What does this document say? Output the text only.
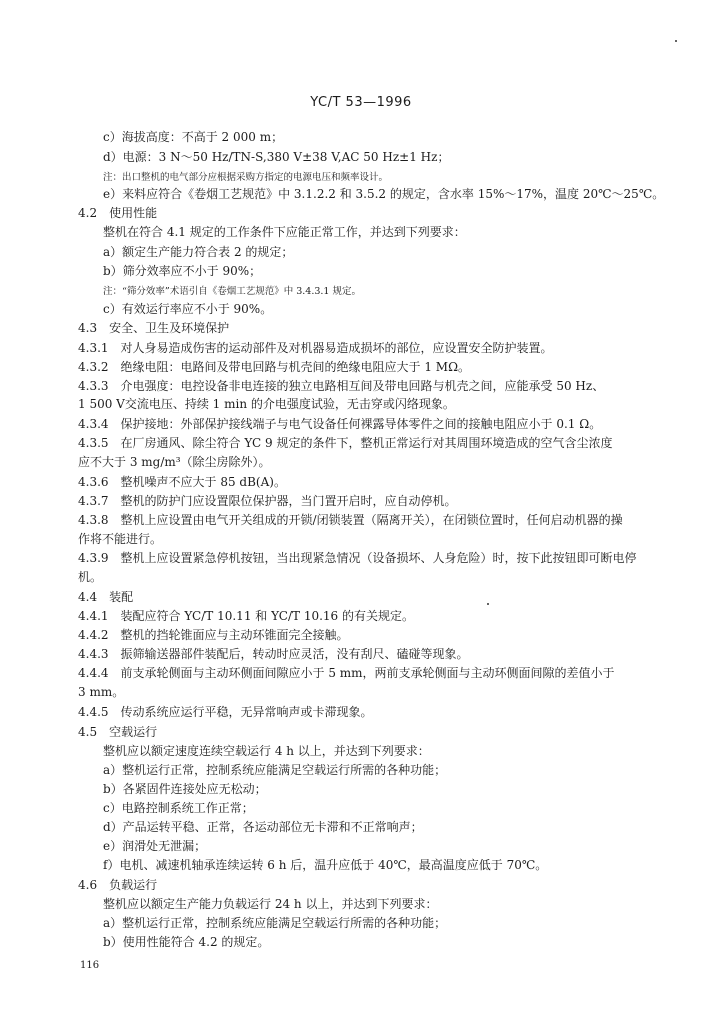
YC/T 53—1996
c）海拔高度：不高于 2 000 m；
d）电源：3 N～50 Hz/TN-S,380 V±38 V,AC 50 Hz±1 Hz；
注：出口整机的电气部分应根据采购方指定的电源电压和频率设计。
e）来料应符合《卷烟工艺规范》中 3.1.2.2 和 3.5.2 的规定，含水率 15%～17%，温度 20℃～25℃。
4.2　使用性能
整机在符合 4.1 规定的工作条件下应能正常工作，并达到下列要求：
a）额定生产能力符合表 2 的规定；
b）筛分效率应不小于 90%；
注：“筛分效率”术语引自《卷烟工艺规范》中 3.4.3.1 规定。
c）有效运行率应不小于 90%。
4.3　安全、卫生及环境保护
4.3.1　对人身易造成伤害的运动部件及对机器易造成损坏的部位，应设置安全防护装置。
4.3.2　绝缘电阻：电路间及带电回路与机壳间的绝缘电阻应大于 1 MΩ。
4.3.3　介电强度：电控设备非电连接的独立电路相互间及带电回路与机壳之间，应能承受 50 Hz、
1 500 V交流电压、持续 1 min 的介电强度试验，无击穿或闪络现象。
4.3.4　保护接地：外部保护接线端子与电气设备任何裸露导体零件之间的接触电阻应小于 0.1 Ω。
4.3.5　在厂房通风、除尘符合 YC 9 规定的条件下，整机正常运行对其周围环境造成的空气含尘浓度
应不大于 3 mg/m³（除尘房除外）。
4.3.6　整机噪声不应大于 85 dB(A)。
4.3.7　整机的防护门应设置限位保护器，当门置开启时，应自动停机。
4.3.8　整机上应设置由电气开关组成的开锁/闭锁装置（隔离开关），在闭锁位置时，任何启动机器的操
作将不能进行。
4.3.9　整机上应设置紧急停机按钮，当出现紧急情况（设备损坏、人身危险）时，按下此按钮即可断电停
机。
4.4　装配
4.4.1　装配应符合 YC/T 10.11 和 YC/T 10.16 的有关规定。
4.4.2　整机的挡轮锥面应与主动环锥面完全接触。
4.4.3　振筛输送器部件装配后，转动时应灵活，没有刮尺、磕碰等现象。
4.4.4　前支承轮侧面与主动环侧面间隙应小于 5 mm，两前支承轮侧面与主动环侧面间隙的差值小于
3 mm。
4.4.5　传动系统应运行平稳，无异常响声或卡滞现象。
4.5　空载运行
整机应以额定速度连续空载运行 4 h 以上，并达到下列要求：
a）整机运行正常，控制系统应能满足空载运行所需的各种功能；
b）各紧固件连接处应无松动；
c）电路控制系统工作正常；
d）产品运转平稳、正常，各运动部位无卡滞和不正常响声；
e）润滑处无泄漏；
f）电机、减速机轴承连续运转 6 h 后，温升应低于 40℃，最高温度应低于 70℃。
4.6　负载运行
整机应以额定生产能力负载运行 24 h 以上，并达到下列要求：
a）整机运行正常，控制系统应能满足空载运行所需的各种功能；
b）使用性能符合 4.2 的规定。
116
